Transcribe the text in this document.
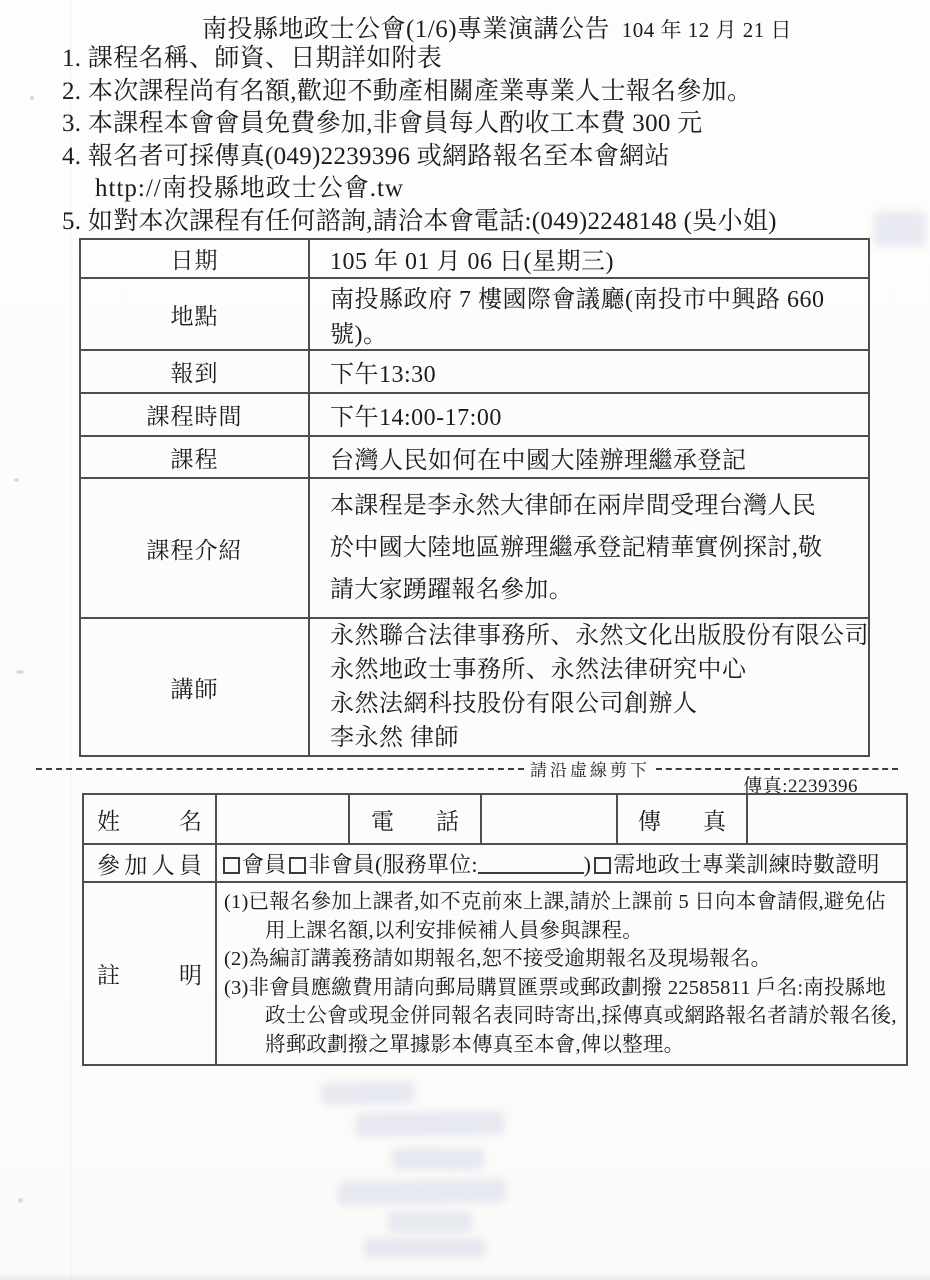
南投縣地政士公會(1/6)專業演講公告 104 年 12 月 21 日
1. 課程名稱、師資、日期詳如附表
2. 本次課程尚有名額,歡迎不動產相關產業專業人士報名參加。
3. 本課程本會會員免費參加,非會員每人酌收工本費 300 元
4. 報名者可採傳真(049)2239396 或網路報名至本會網站
http://南投縣地政士公會.tw
5. 如對本次課程有任何諮詢,請洽本會電話:(049)2248148 (吳小姐)
日期	105 年 01 月 06 日(星期三)
地點	南投縣政府 7 樓國際會議廳(南投市中興路 660 號)。
報到	下午13:30
課程時間	下午14:00-17:00
課程	台灣人民如何在中國大陸辦理繼承登記
課程介紹	本課程是李永然大律師在兩岸間受理台灣人民於中國大陸地區辦理繼承登記精華實例探討,敬請大家踴躍報名參加。
講師	永然聯合法律事務所、永然文化出版股份有限公司
永然地政士事務所、永然法律研究中心
永然法網科技股份有限公司創辦人
李永然 律師
請沿虛線剪下
傳真:2239396
姓名		電話		傳真	
參加人員	會員 非會員(服務單位: ) 需地政士專業訓練時數證明				
註明	(1)已報名參加上課者,如不克前來上課,請於上課前 5 日向本會請假,避免佔用上課名額,以利安排候補人員參與課程。
(2)為編訂講義務請如期報名,恕不接受逾期報名及現場報名。
(3)非會員應繳費用請向郵局購買匯票或郵政劃撥 22585811 戶名:南投縣地政士公會或現金併同報名表同時寄出,採傳真或網路報名者請於報名後,將郵政劃撥之單據影本傳真至本會,俾以整理。				
